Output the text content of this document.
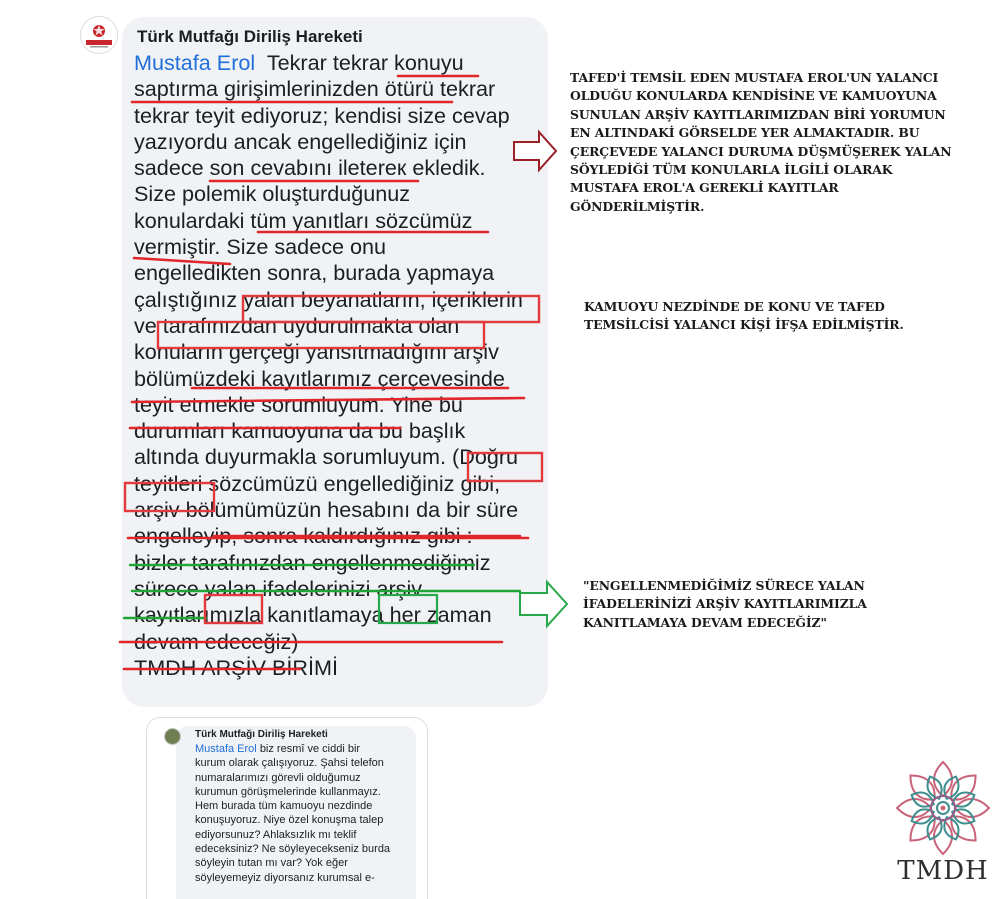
Türk Mutfağı Diriliş Hareketi
Mustafa Erol Tekrar tekrar konuyu
saptırma girişimlerinizden ötürü tekrar
tekrar teyit ediyoruz; kendisi size cevap
yazıyordu ancak engellediğiniz için
sadece son cevabını iletereк ekledik.
Size polemik oluşturduğunuz
konulardaki tüm yanıtları sözcümüz
vermiştir. Size sadece onu
engelledikten sonra, burada yapmaya
çalıştığınız yalan beyanatların, içeriklerin
ve tarafınızdan uydurulmakta olan
konuların gerçeği yansıtmadığını arşiv
bölümüzdeki kayıtlarımız çerçevesinde
teyit etmekle sorumluyum. Yine bu
durumları kamuoyuna da bu başlık
altında duyurmakla sorumluyum. (Doğru
teyitleri sözcümüzü engellediğiniz gibi,
arşiv bölümümüzün hesabını da bir süre
engelleyip, sonra kaldırdığınız gibi :
bizler tarafınızdan engellenmediğimiz
sürece yalan ifadelerinizi arşiv
kayıtlarımızla kanıtlamaya her zaman
devam edeceğiz)
TMDH ARŞİV BİRİMİ
Türk Mutfağı Diriliş Hareketi
Mustafa Erol biz resmî ve ciddi bir
kurum olarak çalışıyoruz. Şahsi telefon
numaralarımızı görevli olduğumuz
kurumun görüşmelerinde kullanmayız.
Hem burada tüm kamuoyu nezdinde
konuşuyoruz. Niye özel konuşma talep
ediyorsunuz? Ahlaksızlık mı teklif
edeceksiniz? Ne söyleyecekseniz burda
söyleyin tutan mı var? Yok eğer
söyleyemeyiz diyorsanız kurumsal e-
TAFED'İ TEMSİL EDEN MUSTAFA EROL'UN YALANCI
OLDUĞU KONULARDA KENDİSİNE VE KAMUOYUNA
SUNULAN ARŞİV KAYITLARIMIZDAN BİRİ YORUMUN
EN ALTINDAKİ GÖRSELDE YER ALMAKTADIR. BU
ÇERÇEVEDE YALANCI DURUMA DÜŞMÜŞEREK YALAN
SÖYLEDİĞİ TÜM KONULARLA İLGİLİ OLARAK
MUSTAFA EROL'A GEREKLİ KAYITLAR
GÖNDERİLMİŞTİR.
KAMUOYU NEZDİNDE DE KONU VE TAFED
TEMSİLCİSİ YALANCI KİŞİ İFŞA EDİLMİŞTİR.
"ENGELLENMEDİĞİMİZ SÜRECE YALAN
İFADELERİNİZİ ARŞİV KAYITLARIMIZLA
KANITLAMAYA DEVAM EDECEĞİZ"
TMDH
